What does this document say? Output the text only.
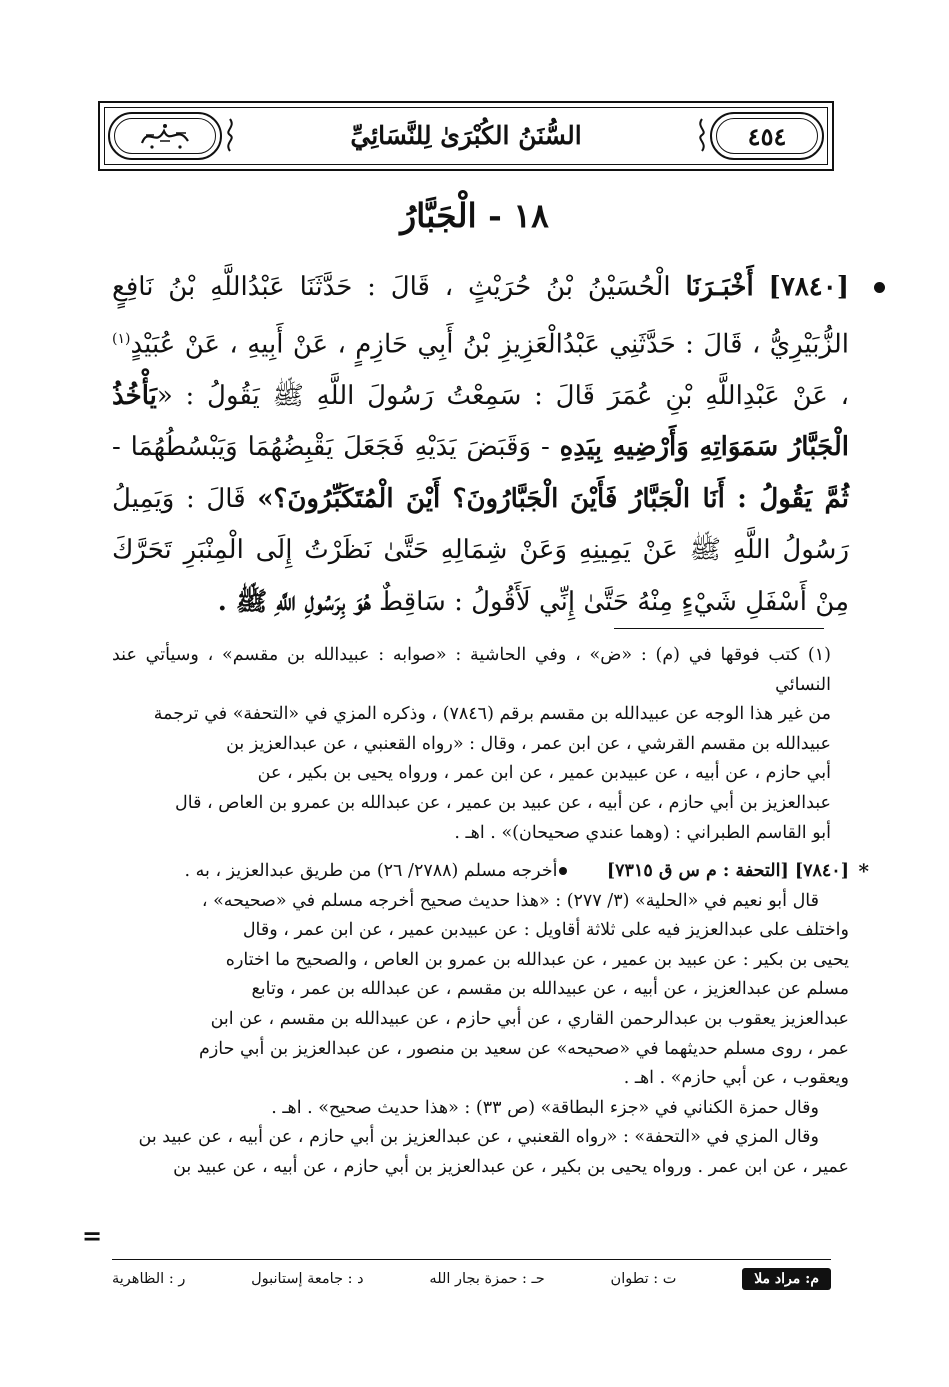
٤٥٤
السُّنَنُ الكُبْرَىٰ لِلنَّسَائِيِّ
١٨ - الْجَبَّارُ
[٧٨٤٠] أَخْبَـرَنَا الْحُسَيْنُ بْنُ حُرَيْثٍ ، قَالَ : حَدَّثَنَا عَبْدُاللَّهِ بْنُ نَافِعٍ الزُّبَيْرِيُّ ، قَالَ : حَدَّثَنِي عَبْدُالْعَزِيزِ بْنُ أَبِي حَازِمٍ ، عَنْ أَبِيهِ ، عَنْ عُبَيْدٍ$^{(١)}$ ، عَنْ عَبْدِاللَّهِ بْنِ عُمَرَ قَالَ : سَمِعْتُ رَسُولَ اللَّهِ ﷺ يَقُولُ : «يَأْخُذُ الْجَبَّارُ سَمَوَاتِهِ وَأَرْضِيهِ بِيَدِهِ - وَقَبَضَ يَدَيْهِ فَجَعَلَ يَقْبِضُهُمَا وَيَبْسُطُهُمَا - ثُمَّ يَقُولُ : أَنَا الْجَبَّارُ فَأَيْنَ الْجَبَّارُونَ؟ أَيْنَ الْمُتَكَبِّرُونَ؟» قَالَ : وَيَمِيلُ رَسُولُ اللَّهِ ﷺ عَنْ يَمِينِهِ وَعَنْ شِمَالِهِ حَتَّىٰ نَظَرْتُ إِلَى الْمِنْبَرِ تَحَرَّكَ مِنْ أَسْفَلِ شَيْءٍ مِنْهُ حَتَّىٰ إِنِّي لَأَقُولُ : سَاقِطٌ هُوَ بِرَسُولِ اللَّهِ ﷺ .

(١) كتب فوقها في (م) : «ض» ، وفي الحاشية : «صوابه : عبيدالله بن مقسم» ، وسيأتي عند النسائي

من غير هذا الوجه عن عبيدالله بن مقسم برقم (٧٨٤٦) ، وذكره المزي في «التحفة» في ترجمة

عبيدالله بن مقسم القرشي ، عن ابن عمر ، وقال : «رواه القعنبي ، عن عبدالعزيز بن

أبي حازم ، عن أبيه ، عن عبيدبن عمير ، عن ابن عمر ، ورواه يحيى بن بكير ، عن

عبدالعزيز بن أبي حازم ، عن أبيه ، عن عبيد بن عمير ، عن عبدالله بن عمرو بن العاص ، قال

أبو القاسم الطبراني : (وهما عندي صحيحان)» . اهـ .

*
[٧٨٤٠] [التحفة : م س ق ٧٣١٥]      أخرجه مسلم (٢٧٨٨/ ٢٦) من طريق عبدالعزيز ، به .

قال أبو نعيم في «الحلية» (٣/ ٢٧٧) : «هذا حديث صحيح أخرجه مسلم في «صحيحه» ،

واختلف على عبدالعزيز فيه على ثلاثة أقاويل : عن عبيدبن عمير ، عن ابن عمر ، وقال

يحيى بن بكير : عن عبيد بن عمير ، عن عبدالله بن عمرو بن العاص ، والصحيح ما اختاره

مسلم عن عبدالعزيز ، عن أبيه ، عن عبيدالله بن مقسم ، عن عبدالله بن عمر ، وتابع

عبدالعزيز يعقوب بن عبدالرحمن القاري ، عن أبي حازم ، عن عبيدالله بن مقسم ، عن ابن

عمر ، روى مسلم حديثهما في «صحيحه» عن سعيد بن منصور ، عن عبدالعزيز بن أبي حازم

ويعقوب ، عن أبي حازم» . اهـ .

وقال حمزة الكناني في «جزء البطاقة» (ص ٣٣) : «هذا حديث صحيح» . اهـ .

وقال المزي في «التحفة» : «رواه القعنبي ، عن عبدالعزيز بن أبي حازم ، عن أبيه ، عن عبيد بن

عمير ، عن ابن عمر . ورواه يحيى بن بكير ، عن عبدالعزيز بن أبي حازم ، عن أبيه ، عن عبيد بن

=
م: مراد ملا
ت : تطوان
حـ : حمزة بجار الله
د : جامعة إستانبول
ر : الظاهرية
